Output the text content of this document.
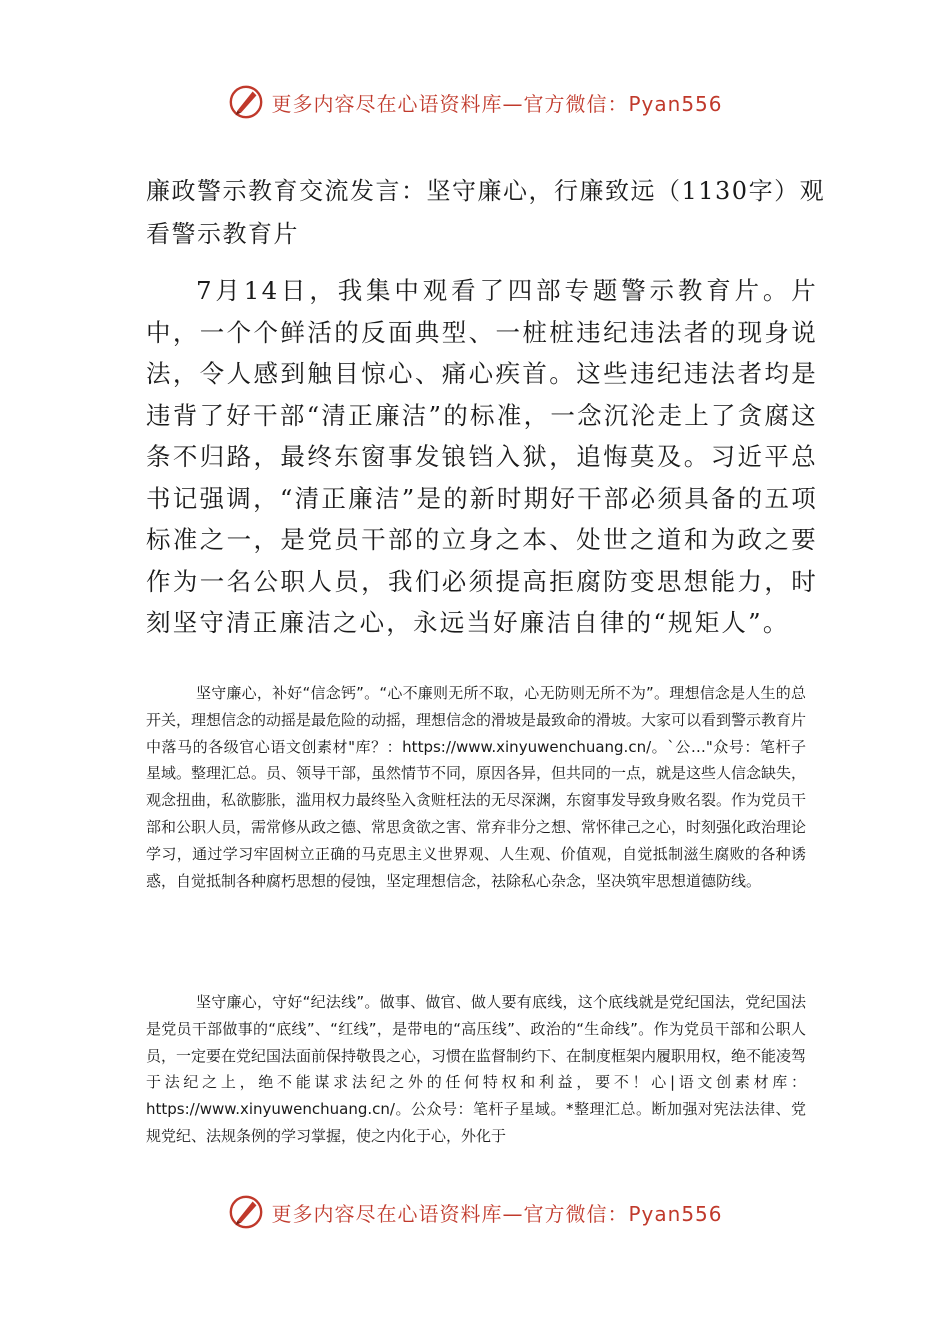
更多内容尽在心语资料库—官方微信：Pyan556
廉政警示教育交流发言：坚守廉心，行廉致远（1130字）观看警示教育片

7月14日，我集中观看了四部专题警示教育片。片中，一个个鲜活的反面典型、一桩桩违纪违法者的现身说法，令人感到触目惊心、痛心疾首。这些违纪违法者均是违背了好干部“清正廉洁”的标准，一念沉沦走上了贪腐这条不归路，最终东窗事发锒铛入狱，追悔莫及。习近平总书记强调，“清正廉洁”是的新时期好干部必须具备的五项标准之一，是党员干部的立身之本、处世之道和为政之要作为一名公职人员，我们必须提高拒腐防变思想能力，时刻坚守清正廉洁之心，永远当好廉洁自律的“规矩人”。

坚守廉心，补好“信念钙”。“心不廉则无所不取，心无防则无所不为”。理想信念是人生的总开关，理想信念的动摇是最危险的动摇，理想信念的滑坡是最致命的滑坡。大家可以看到警示教育片中落马的各级官心语文创素材"库？：https://www.xinyuwenchuang.cn/。`公…"众号：笔杆子星域。整理汇总。员、领导干部，虽然情节不同，原因各异，但共同的一点，就是这些人信念缺失，观念扭曲，私欲膨胀，滥用权力最终坠入贪赃枉法的无尽深渊，东窗事发导致身败名裂。作为党员干部和公职人员，需常修从政之德、常思贪欲之害、常弃非分之想、常怀律己之心，时刻强化政治理论学习，通过学习牢固树立正确的马克思主义世界观、人生观、价值观，自觉抵制滋生腐败的各种诱惑，自觉抵制各种腐朽思想的侵蚀，坚定理想信念，祛除私心杂念，坚决筑牢思想道德防线。

坚守廉心，守好“纪法线”。做事、做官、做人要有底线，这个底线就是党纪国法，党纪国法是党员干部做事的“底线”、“红线”，是带电的“高压线”、政治的“生命线”。作为党员干部和公职人员，一定要在党纪国法面前保持敬畏之心，习惯在监督制约下、在制度框架内履职用权，绝不能凌驾于法纪之上，绝不能谋求法纪之外的任何特权和利益，要不！心|语文创素材库：https://www.xinyuwenchuang.cn/。公众号：笔杆子星域。*整理汇总。断加强对宪法法律、党规党纪、法规条例的学习掌握，使之内化于心，外化于

更多内容尽在心语资料库—官方微信：Pyan556
